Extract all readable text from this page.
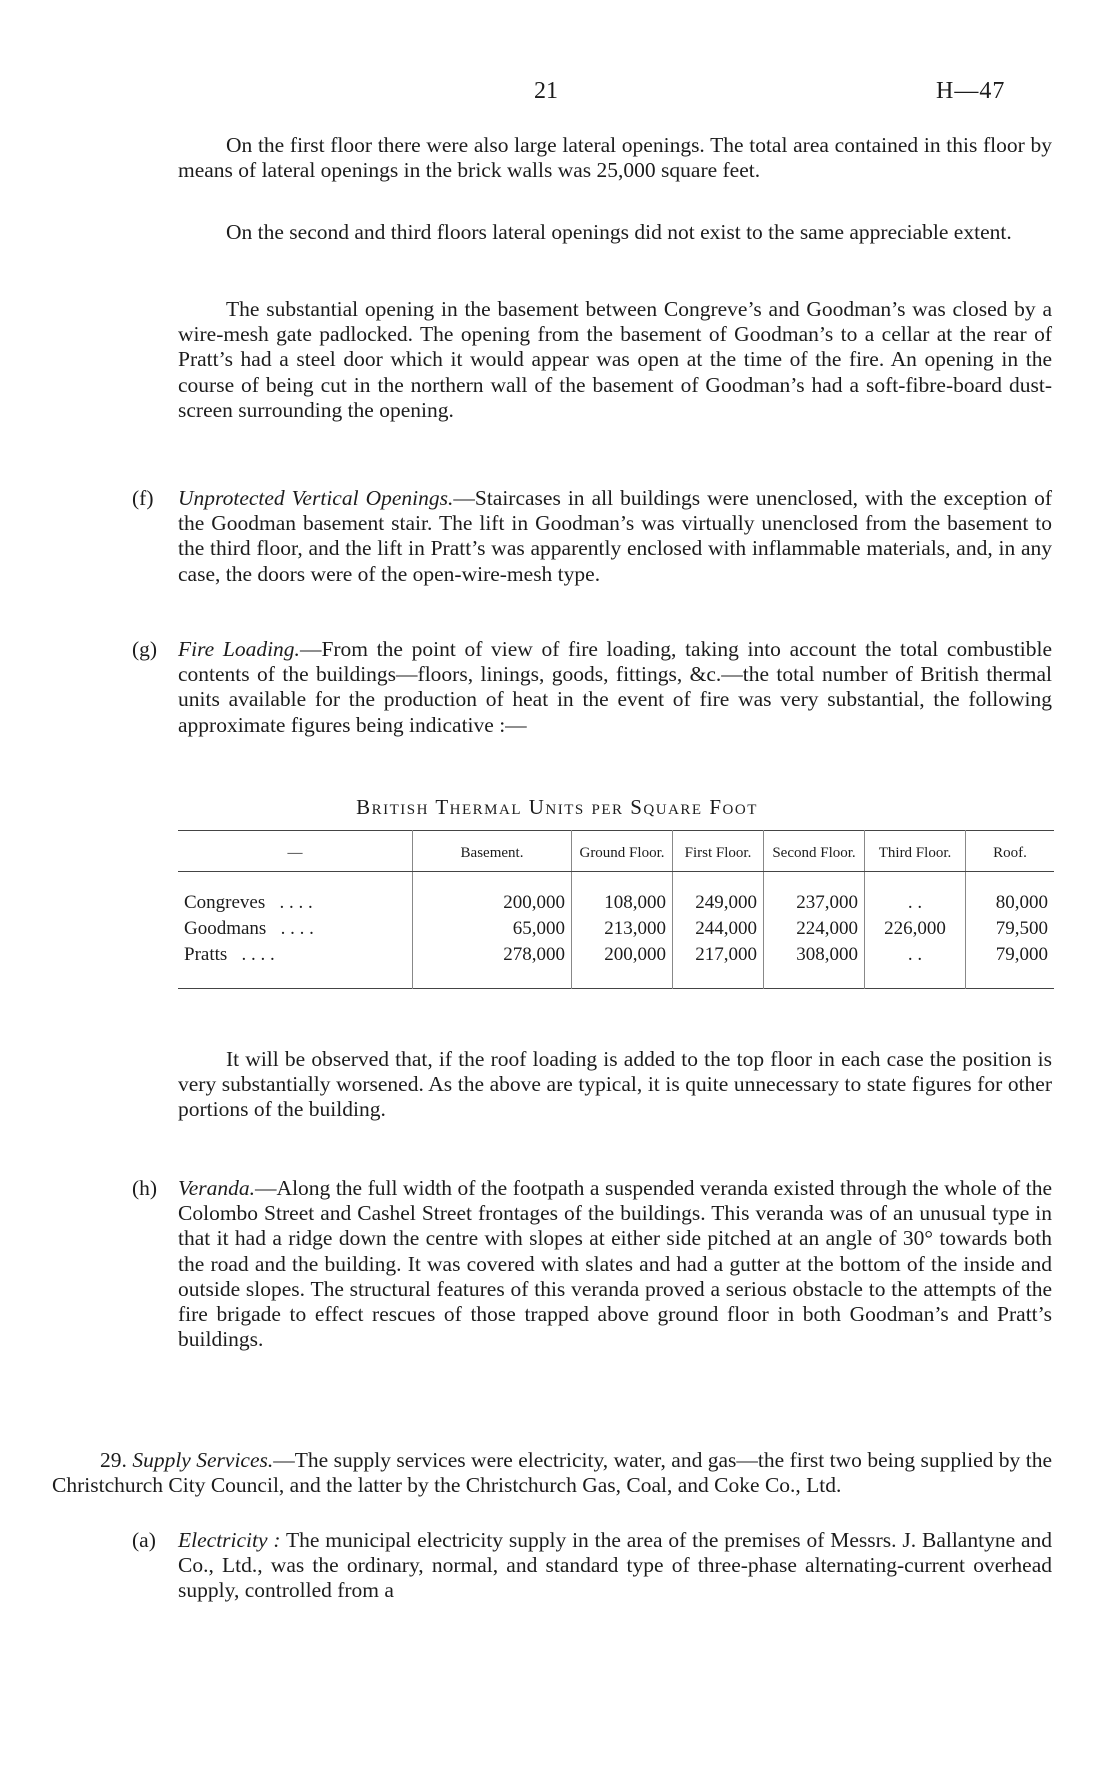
21	H—47

On the first floor there were also large lateral openings. The total area contained in this floor by means of lateral openings in the brick walls was 25,000 square feet.

On the second and third floors lateral openings did not exist to the same appreciable extent.

The substantial opening in the basement between Congreve’s and Goodman’s was closed by a wire-mesh gate padlocked. The opening from the basement of Goodman’s to a cellar at the rear of Pratt’s had a steel door which it would appear was open at the time of the fire. An opening in the course of being cut in the northern wall of the basement of Goodman’s had a soft-fibre-board dust-screen surrounding the opening.

(f) Unprotected Vertical Openings.—Staircases in all buildings were unenclosed, with the exception of the Goodman basement stair. The lift in Goodman’s was virtually unenclosed from the basement to the third floor, and the lift in Pratt’s was apparently enclosed with inflammable materials, and, in any case, the doors were of the open-wire-mesh type.
(g) Fire Loading.—From the point of view of fire loading, taking into account the total combustible contents of the buildings—floors, linings, goods, fittings, &c.—the total number of British thermal units available for the production of heat in the event of fire was very substantial, the following approximate figures being indicative :—
British Thermal Units per Square Foot
—	Basement.	Ground Floor.	First Floor.	Second Floor.	Third Floor.	Roof.
Congreves . . . .	200,000	108,000	249,000	237,000	. .	80,000
Goodmans . . . .	65,000	213,000	244,000	224,000	226,000	79,500
Pratts . . . .	278,000	200,000	217,000	308,000	. .	79,000

It will be observed that, if the roof loading is added to the top floor in each case the position is very substantially worsened. As the above are typical, it is quite unnecessary to state figures for other portions of the building.

(h) Veranda.—Along the full width of the footpath a suspended veranda existed through the whole of the Colombo Street and Cashel Street frontages of the buildings. This veranda was of an unusual type in that it had a ridge down the centre with slopes at either side pitched at an angle of 30° towards both the road and the building. It was covered with slates and had a gutter at the bottom of the inside and outside slopes. The structural features of this veranda proved a serious obstacle to the attempts of the fire brigade to effect rescues of those trapped above ground floor in both Goodman’s and Pratt’s buildings.

29. Supply Services.—The supply services were electricity, water, and gas—the first two being supplied by the Christchurch City Council, and the latter by the Christchurch Gas, Coal, and Coke Co., Ltd.

(a) Electricity : The municipal electricity supply in the area of the premises of Messrs. J. Ballantyne and Co., Ltd., was the ordinary, normal, and standard type of three-phase alternating-current overhead supply, controlled from a
